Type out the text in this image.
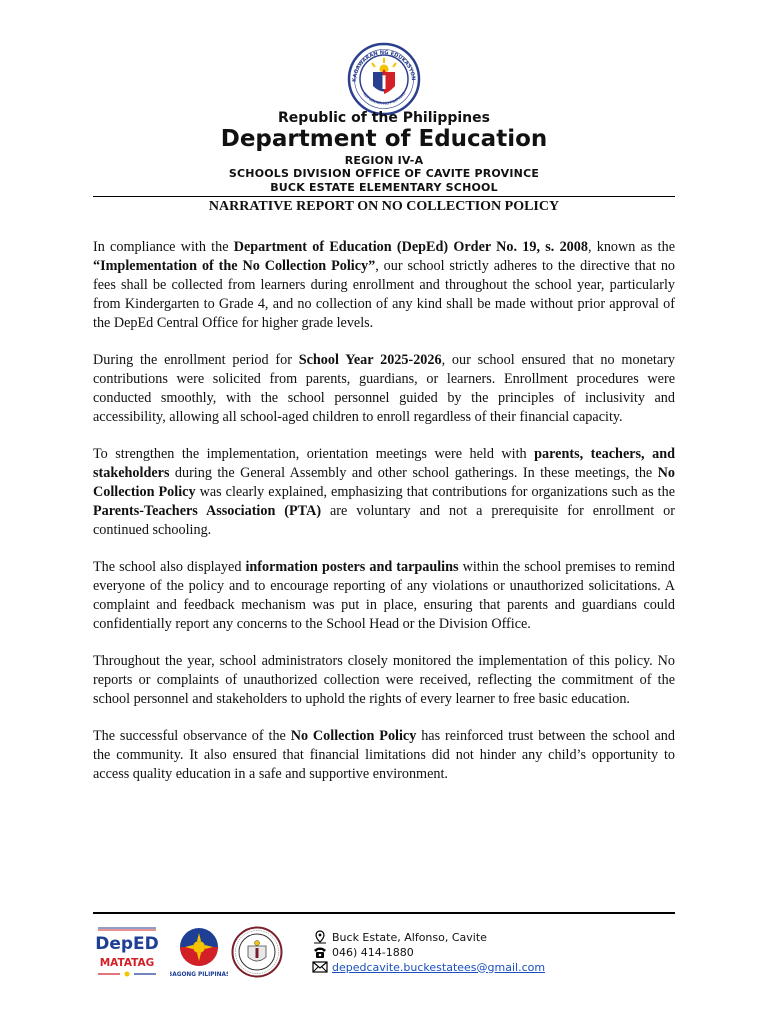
KAGAWARAN NG EDUKASYON
REPUBLIKA NG PILIPINAS
Republic of the Philippines
Department of Education
REGION IV-A
SCHOOLS DIVISION OFFICE OF CAVITE PROVINCE
BUCK ESTATE ELEMENTARY SCHOOL
NARRATIVE REPORT ON NO COLLECTION POLICY

In compliance with the Department of Education (DepEd) Order No. 19, s. 2008, known as the “Implementation of the No Collection Policy”, our school strictly adheres to the directive that no fees shall be collected from learners during enrollment and throughout the school year, particularly from Kindergarten to Grade 4, and no collection of any kind shall be made without prior approval of the DepEd Central Office for higher grade levels.

During the enrollment period for School Year 2025-2026, our school ensured that no monetary contributions were solicited from parents, guardians, or learners. Enrollment procedures were conducted smoothly, with the school personnel guided by the principles of inclusivity and accessibility, allowing all school-aged children to enroll regardless of their financial capacity.

To strengthen the implementation, orientation meetings were held with parents, teachers, and stakeholders during the General Assembly and other school gatherings. In these meetings, the No Collection Policy was clearly explained, emphasizing that contributions for organizations such as the Parents-Teachers Association (PTA) are voluntary and not a prerequisite for enrollment or continued schooling.

The school also displayed information posters and tarpaulins within the school premises to remind everyone of the policy and to encourage reporting of any violations or unauthorized solicitations. A complaint and feedback mechanism was put in place, ensuring that parents and guardians could confidentially report any concerns to the School Head or the Division Office.

Throughout the year, school administrators closely monitored the implementation of this policy. No reports or complaints of unauthorized collection were received, reflecting the commitment of the school personnel and stakeholders to uphold the rights of every learner to free basic education.

The successful observance of the No Collection Policy has reinforced trust between the school and the community. It also ensured that financial limitations did not hinder any child’s opportunity to access quality education in a safe and supportive environment.

DepED
MATATAG
BAGONG PILIPINAS
Buck Estate, Alfonso, Cavite
046) 414-1880
depedcavite.buckestatees@gmail.com
